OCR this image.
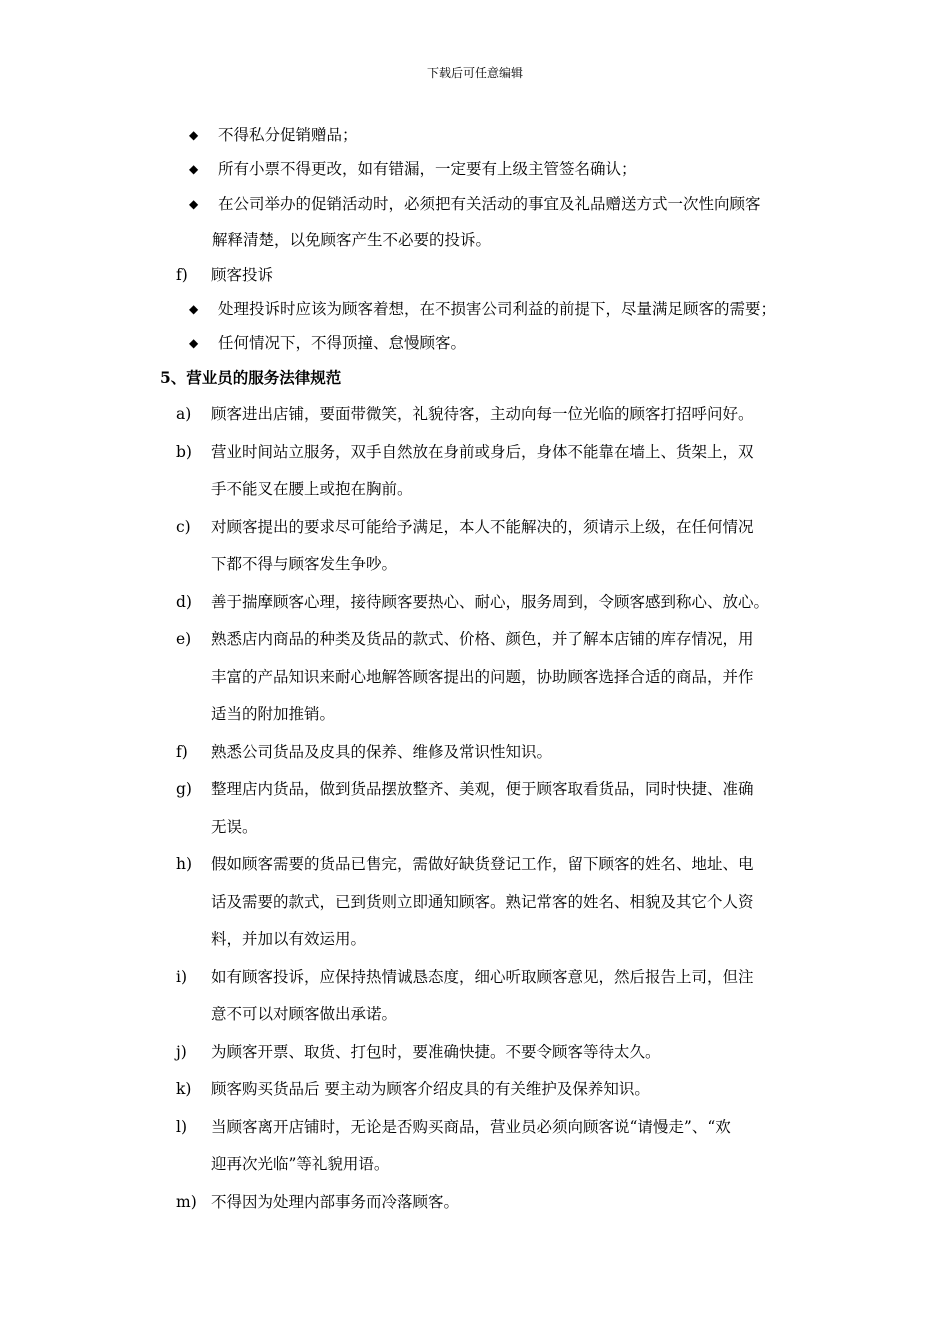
下载后可任意编辑
◆ 不得私分促销赠品；
◆ 所有小票不得更改，如有错漏，一定要有上级主管签名确认；
◆ 在公司举办的促销活动时，必须把有关活动的事宜及礼品赠送方式一次性向顾客
解释清楚，以免顾客产生不必要的投诉。
f) 顾客投诉
◆ 处理投诉时应该为顾客着想，在不损害公司利益的前提下，尽量满足顾客的需要；
◆ 任何情况下，不得顶撞、怠慢顾客。
5、营业员的服务法律规范
a) 顾客进出店铺，要面带微笑，礼貌待客，主动向每一位光临的顾客打招呼问好。
b) 营业时间站立服务，双手自然放在身前或身后，身体不能靠在墙上、货架上，双
手不能叉在腰上或抱在胸前。
c) 对顾客提出的要求尽可能给予满足，本人不能解决的，须请示上级，在任何情况
下都不得与顾客发生争吵。
d) 善于揣摩顾客心理，接待顾客要热心、耐心，服务周到，令顾客感到称心、放心。
e) 熟悉店内商品的种类及货品的款式、价格、颜色，并了解本店铺的库存情况，用
丰富的产品知识来耐心地解答顾客提出的问题，协助顾客选择合适的商品，并作
适当的附加推销。
f) 熟悉公司货品及皮具的保养、维修及常识性知识。
g) 整理店内货品，做到货品摆放整齐、美观，便于顾客取看货品，同时快捷、准确
无误。
h) 假如顾客需要的货品已售完，需做好缺货登记工作，留下顾客的姓名、地址、电
话及需要的款式，已到货则立即通知顾客。熟记常客的姓名、相貌及其它个人资
料，并加以有效运用。
i) 如有顾客投诉，应保持热情诚恳态度，细心听取顾客意见，然后报告上司，但注
意不可以对顾客做出承诺。
j) 为顾客开票、取货、打包时，要准确快捷。不要令顾客等待太久。
k) 顾客购买货品后 要主动为顾客介绍皮具的有关维护及保养知识。
l) 当顾客离开店铺时，无论是否购买商品，营业员必须向顾客说“请慢走”、“欢
迎再次光临”等礼貌用语。
m) 不得因为处理内部事务而冷落顾客。
